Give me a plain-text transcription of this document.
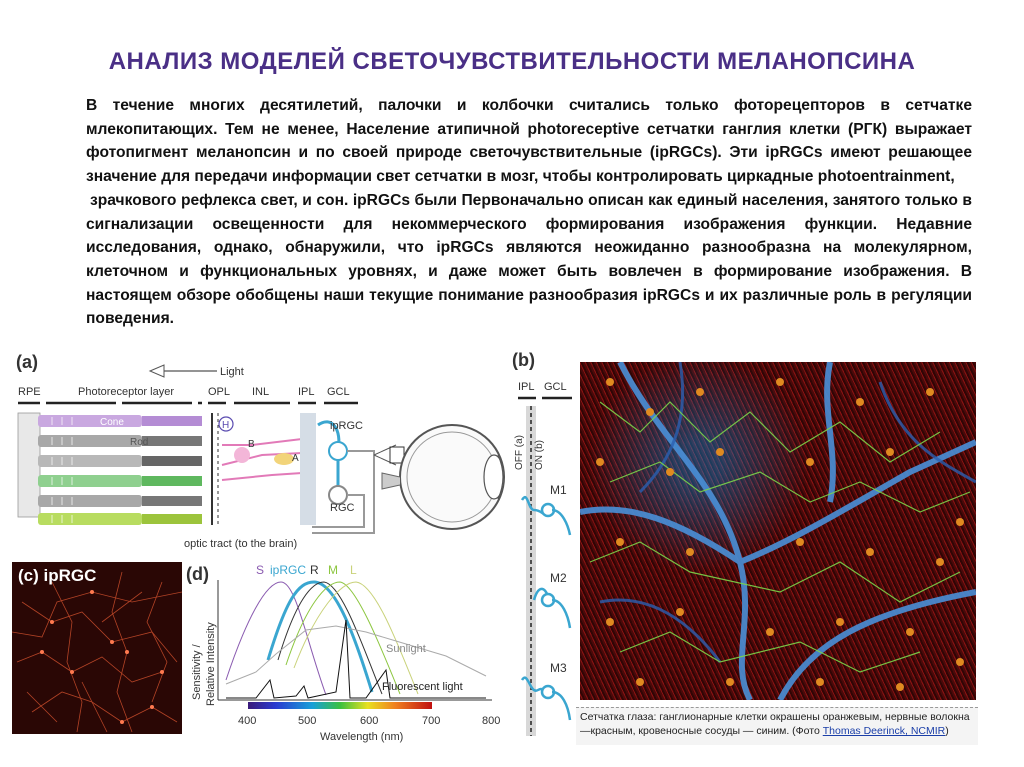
АНАЛИЗ МОДЕЛЕЙ СВЕТОЧУВСТВИТЕЛЬНОСТИ МЕЛАНОПСИНА

В течение многих десятилетий, палочки и колбочки считались только фоторецепторов в сетчатке млекопитающих. Тем не менее, Население атипичной photoreceptive сетчатки ганглия клетки (РГК) выражает фотопигмент меланопсин и по своей природе светочувствительные (ipRGCs). Эти ipRGCs имеют решающее значение для передачи информации свет сетчатки в мозг, чтобы контролировать циркадные photoentrainment,

зрачкового рефлекса свет, и сон. ipRGCs были Первоначально описан как единый населения, занятого только в сигнализации освещенности для некоммерческого формирования изображения функции. Недавние исследования, однако, обнаружили, что ipRGCs являются неожиданно разнообразна на молекулярном, клеточном и функциональных уровнях, и даже может быть вовлечен в формирование изображения. В настоящем обзоре обобщены наши текущие понимание разнообразия ipRGCs и их различные роль в регуляции поведения.

(a)	Light
RPE	Photoreceptor layer	OPL INL	IPL GCL
Cone
Rod
H
B
A
ipRGC
RGC
optic tract (to the brain)
(c) ipRGC	(d)	S ipRGC R M L
Sensitivity / Relative Intensity	Sunlight
Fluorescent light
400	500	600	700	800
Wavelength (nm)
(b)
IPL GCL
OFF (a) ON (b)
M1
M2
M3
Сетчатка глаза: ганглионарные клетки окрашены оранжевым, нервные волокна —красным, кровеносные сосуды — синим. (Фото Thomas Deerinck, NCMIR)
